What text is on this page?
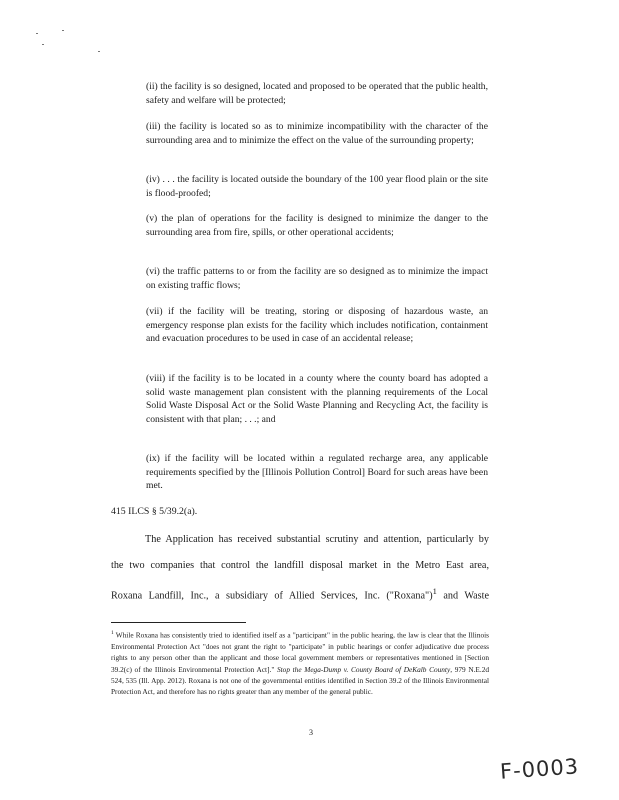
(ii) the facility is so designed, located and proposed to be operated that the public health, safety and welfare will be protected;

(iii) the facility is located so as to minimize incompatibility with the character of the surrounding area and to minimize the effect on the value of the surrounding property;

(iv) . . . the facility is located outside the boundary of the 100 year flood plain or the site is flood-proofed;

(v) the plan of operations for the facility is designed to minimize the danger to the surrounding area from fire, spills, or other operational accidents;

(vi) the traffic patterns to or from the facility are so designed as to minimize the impact on existing traffic flows;

(vii) if the facility will be treating, storing or disposing of hazardous waste, an emergency response plan exists for the facility which includes notification, containment and evacuation procedures to be used in case of an accidental release;

(viii) if the facility is to be located in a county where the county board has adopted a solid waste management plan consistent with the planning requirements of the Local Solid Waste Disposal Act or the Solid Waste Planning and Recycling Act, the facility is consistent with that plan; . . .; and

(ix) if the facility will be located within a regulated recharge area, any applicable requirements specified by the [Illinois Pollution Control] Board for such areas have been met.

415 ILCS § 5/39.2(a).

The Application has received substantial scrutiny and attention, particularly by

the two companies that control the landfill disposal market in the Metro East area,

Roxana Landfill, Inc., a subsidiary of Allied Services, Inc. ("Roxana")$^1$ and Waste

$^1$ While Roxana has consistently tried to identified itself as a "participant" in the public hearing, the law is clear that the Illinois Environmental Protection Act "does not grant the right to "participate" in public hearings or confer adjudicative due process rights to any person other than the applicant and those local government members or representatives mentioned in [Section 39.2(c) of the Illinois Environmental Protection Act]." Stop the Mega-Dump v. County Board of DeKalb County, 979 N.E.2d 524, 535 (Ill. App. 2012). Roxana is not one of the governmental entities identified in Section 39.2 of the Illinois Environmental Protection Act, and therefore has no rights greater than any member of the general public.

3

F-0003
